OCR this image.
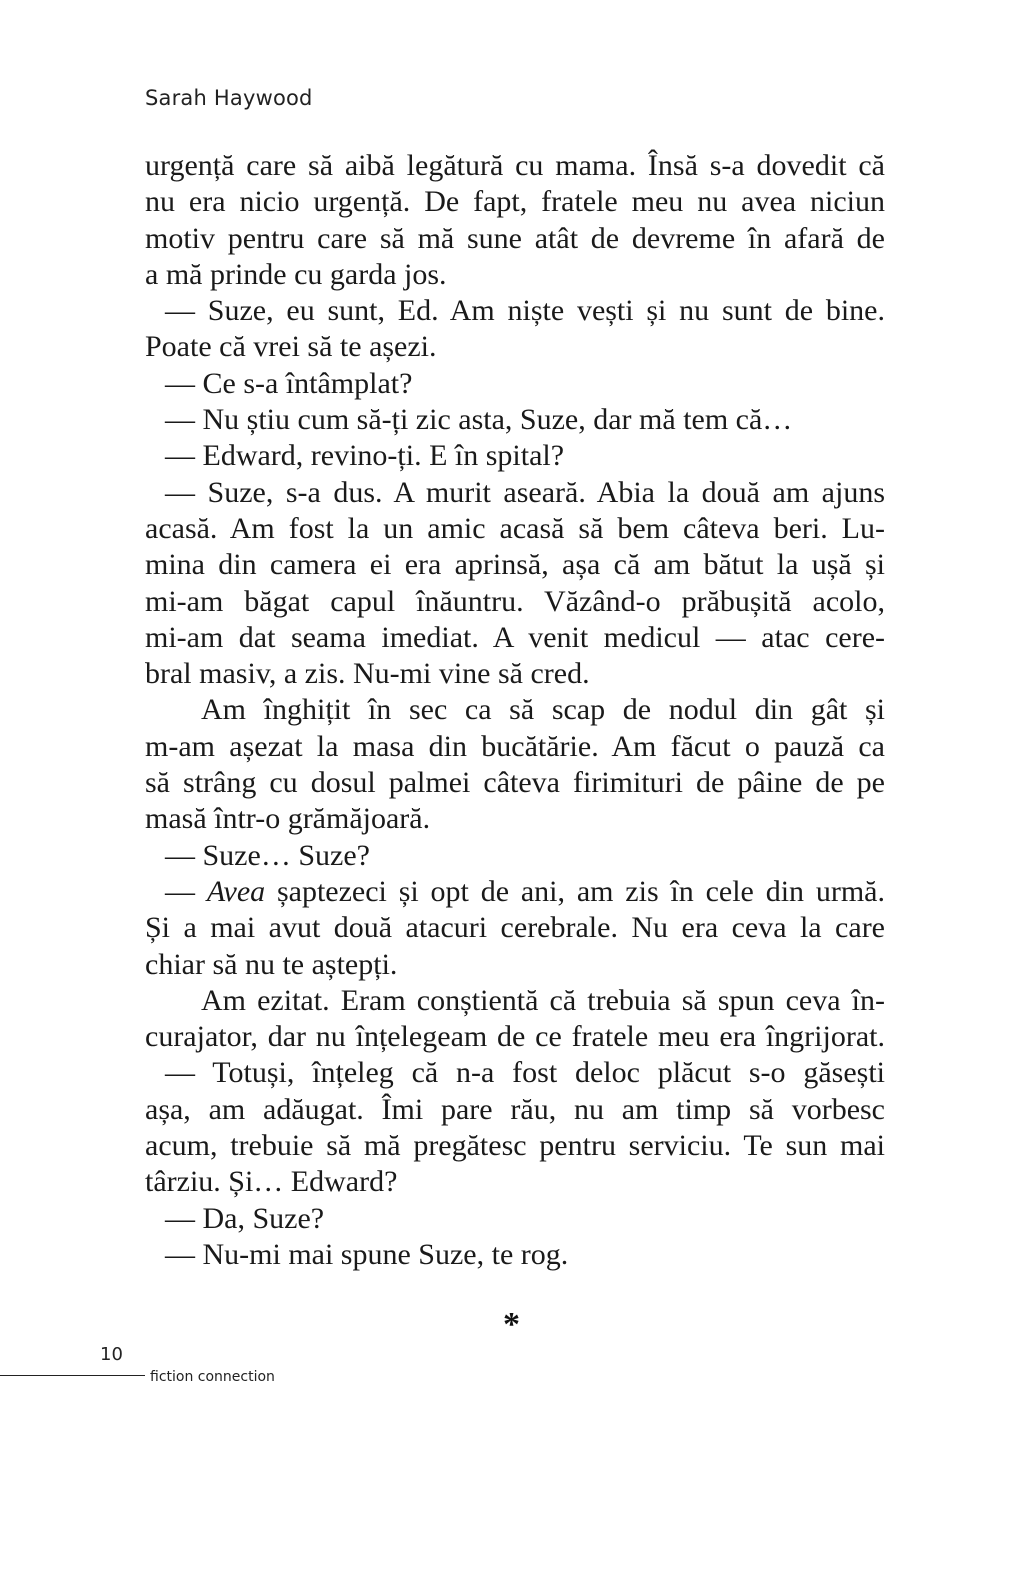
Sarah Haywood
urgență care să aibă legătură cu mama. Însă s-a dovedit că
nu era nicio urgență. De fapt, fratele meu nu avea niciun
motiv pentru care să mă sune atât de devreme în afară de
a mă prinde cu garda jos.
— Suze, eu sunt, Ed. Am niște vești și nu sunt de bine.
Poate că vrei să te așezi.
— Ce s-a întâmplat?
— Nu știu cum să-ți zic asta, Suze, dar mă tem că…
— Edward, revino-ți. E în spital?
— Suze, s-a dus. A murit aseară. Abia la două am ajuns
acasă. Am fost la un amic acasă să bem câteva beri. Lu-
mina din camera ei era aprinsă, așa că am bătut la ușă și
mi-am băgat capul înăuntru. Văzând-o prăbușită acolo,
mi-am dat seama imediat. A venit medicul — atac cere-
bral masiv, a zis. Nu-mi vine să cred.
Am înghițit în sec ca să scap de nodul din gât și
m-am așezat la masa din bucătărie. Am făcut o pauză ca
să strâng cu dosul palmei câteva firimituri de pâine de pe
masă într-o grămăjoară.
— Suze… Suze?
— Avea șaptezeci și opt de ani, am zis în cele din urmă.
Și a mai avut două atacuri cerebrale. Nu era ceva la care
chiar să nu te aștepți.
Am ezitat. Eram conștientă că trebuia să spun ceva în-
curajator, dar nu înțelegeam de ce fratele meu era îngrijorat.
— Totuși, înțeleg că n-a fost deloc plăcut s-o găsești
așa, am adăugat. Îmi pare rău, nu am timp să vorbesc
acum, trebuie să mă pregătesc pentru serviciu. Te sun mai
târziu. Și… Edward?
— Da, Suze?
— Nu-mi mai spune Suze, te rog.
*
10
fiction connection
